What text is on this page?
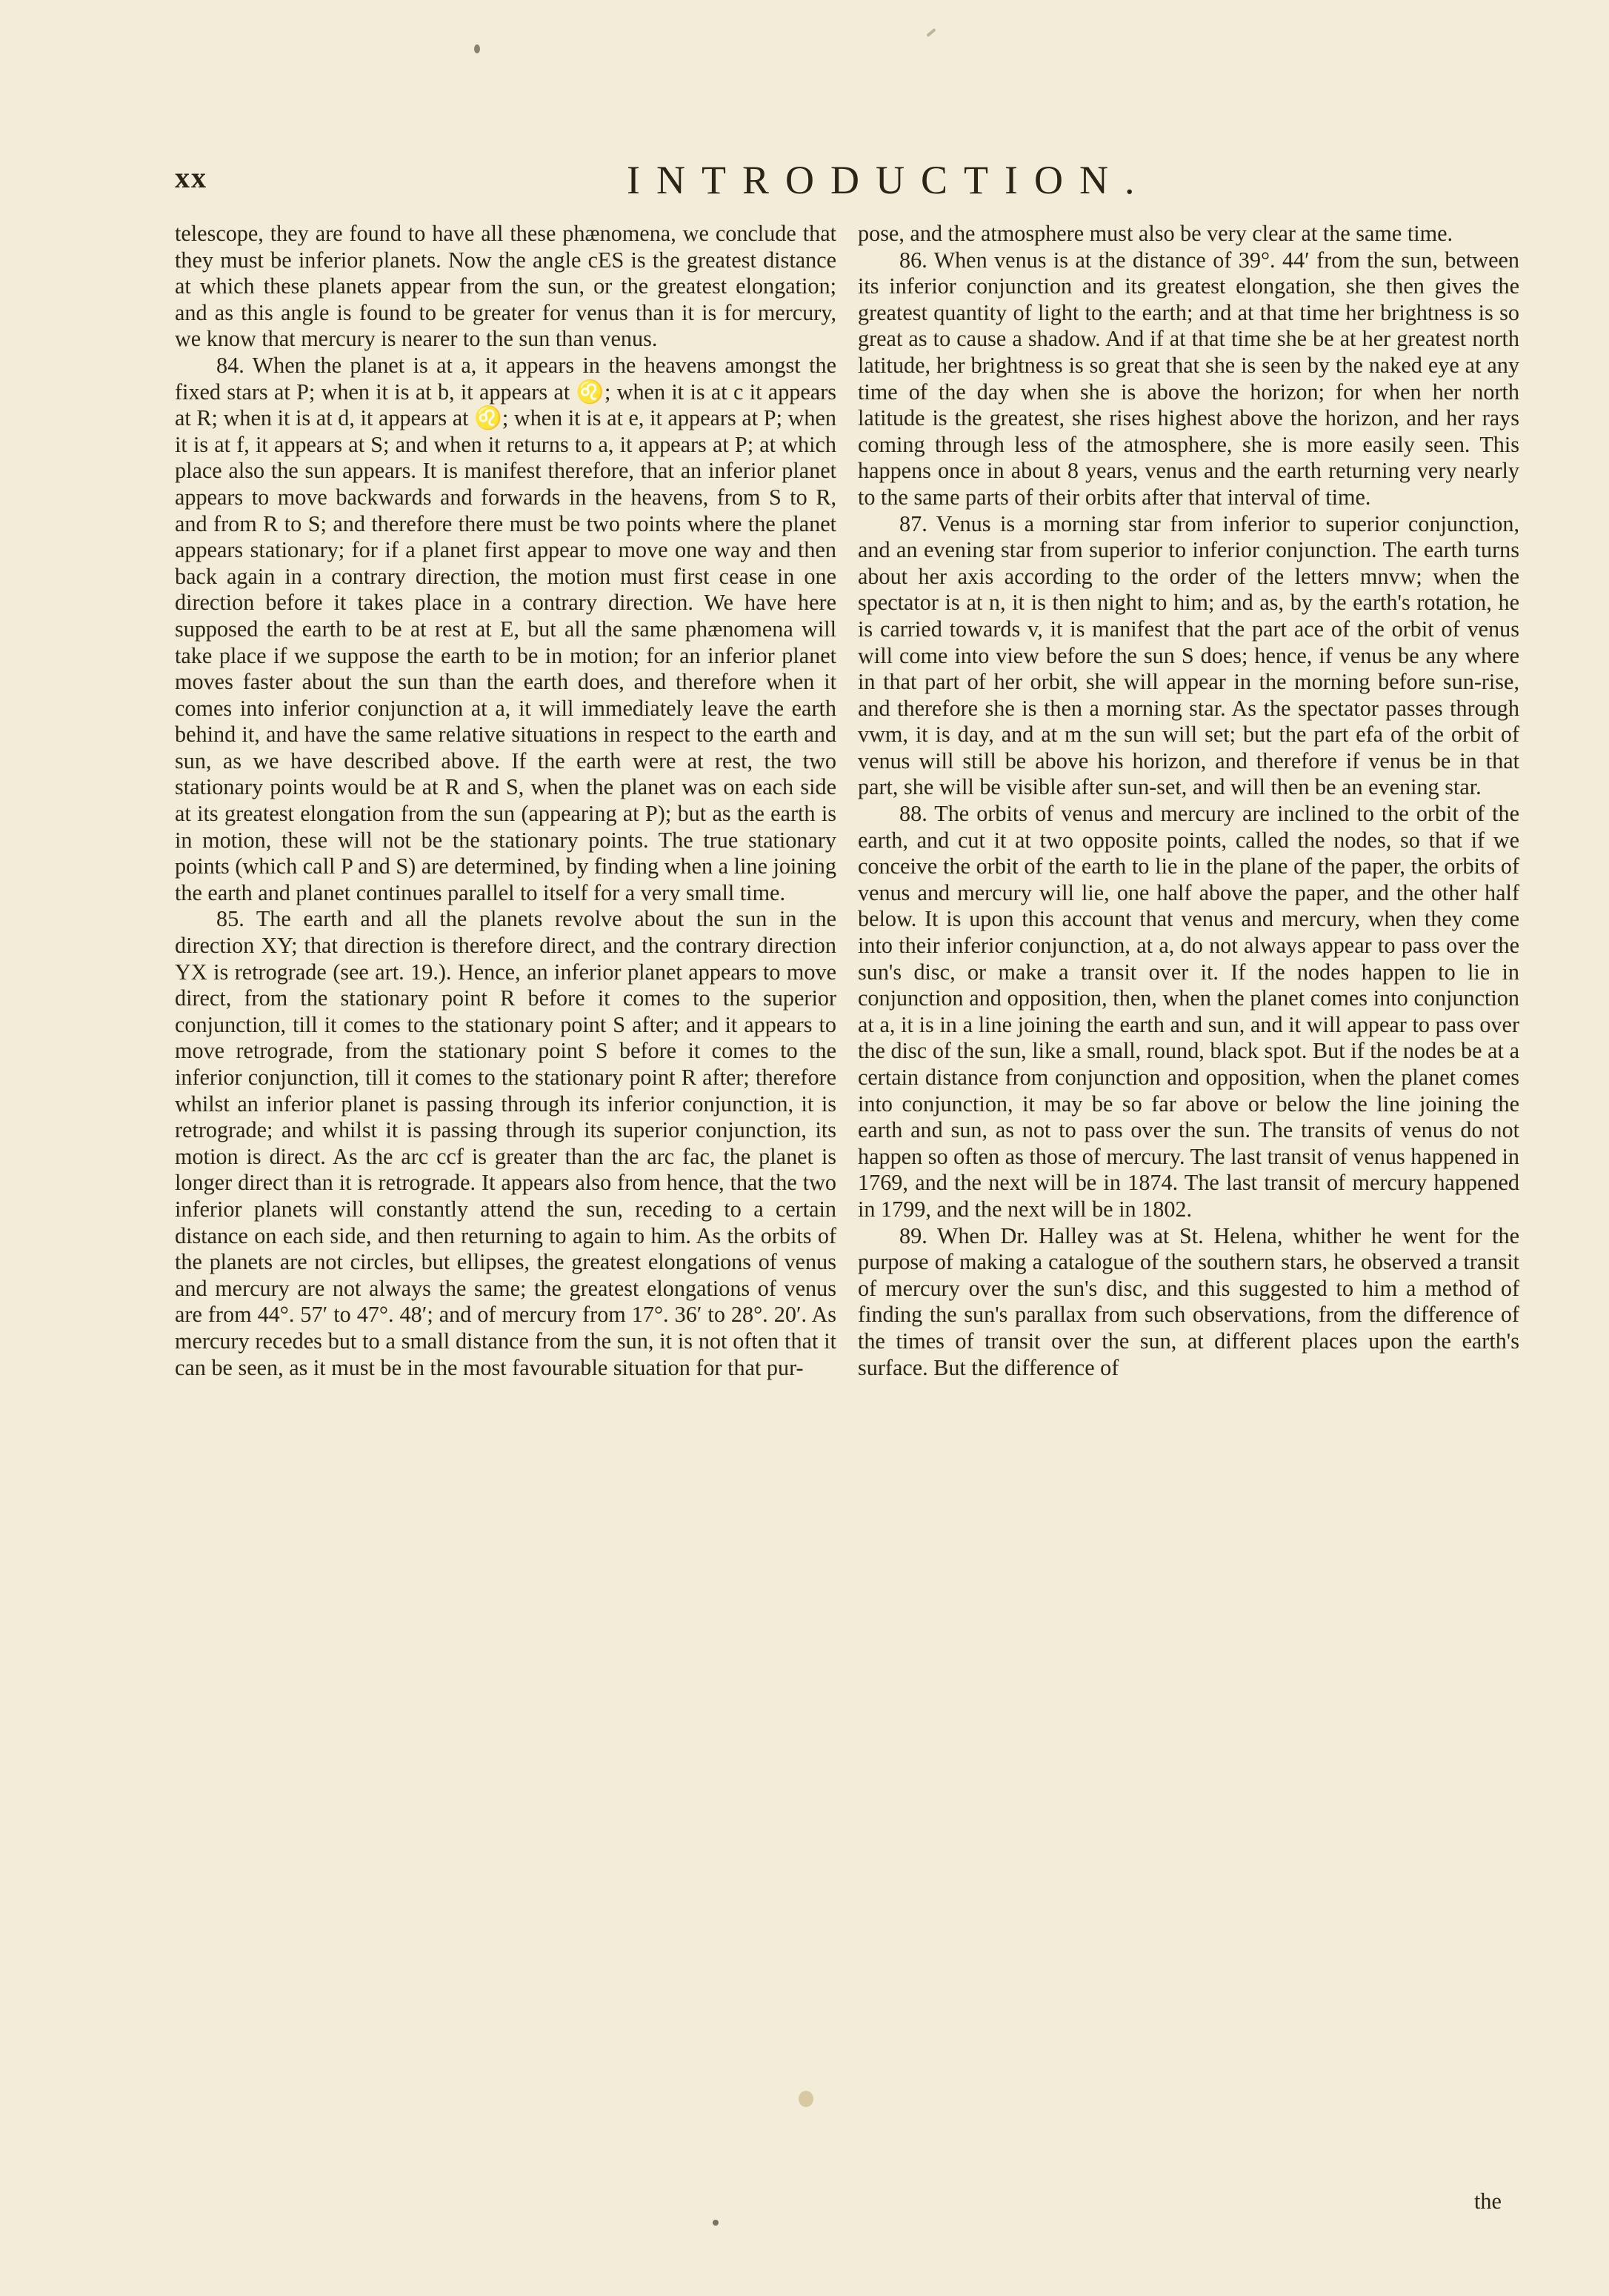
xx	INTRODUCTION.

telescope, they are found to have all these phænomena, we conclude that they must be inferior planets. Now the angle cES is the greatest distance at which these planets appear from the sun, or the greatest elongation; and as this angle is found to be greater for venus than it is for mercury, we know that mercury is nearer to the sun than venus.

84. When the planet is at a, it appears in the heavens amongst the fixed stars at P; when it is at b, it appears at ♌; when it is at c it appears at R; when it is at d, it appears at ♌; when it is at e, it appears at P; when it is at f, it appears at S; and when it returns to a, it appears at P; at which place also the sun appears. It is manifest therefore, that an inferior planet appears to move backwards and forwards in the heavens, from S to R, and from R to S; and therefore there must be two points where the planet appears stationary; for if a planet first appear to move one way and then back again in a contrary direction, the motion must first cease in one direction before it takes place in a contrary direction. We have here supposed the earth to be at rest at E, but all the same phænomena will take place if we suppose the earth to be in motion; for an inferior planet moves faster about the sun than the earth does, and therefore when it comes into inferior conjunction at a, it will immediately leave the earth behind it, and have the same relative situations in respect to the earth and sun, as we have described above. If the earth were at rest, the two stationary points would be at R and S, when the planet was on each side at its greatest elongation from the sun (appearing at P); but as the earth is in motion, these will not be the stationary points. The true stationary points (which call P and S) are determined, by finding when a line joining the earth and planet continues parallel to itself for a very small time.

85. The earth and all the planets revolve about the sun in the direction XY; that direction is therefore direct, and the contrary direction YX is retrograde (see art. 19.). Hence, an inferior planet appears to move direct, from the stationary point R before it comes to the superior conjunction, till it comes to the stationary point S after; and it appears to move retrograde, from the stationary point S before it comes to the inferior conjunction, till it comes to the stationary point R after; therefore whilst an inferior planet is passing through its inferior conjunction, it is retrograde; and whilst it is passing through its superior conjunction, its motion is direct. As the arc ccf is greater than the arc fac, the planet is longer direct than it is retrograde. It appears also from hence, that the two inferior planets will constantly attend the sun, receding to a certain distance on each side, and then returning to again to him. As the orbits of the planets are not circles, but ellipses, the greatest elongations of venus and mercury are not always the same; the greatest elongations of venus are from 44°. 57′ to 47°. 48′; and of mercury from 17°. 36′ to 28°. 20′. As mercury recedes but to a small distance from the sun, it is not often that it can be seen, as it must be in the most favourable situation for that pur-

pose, and the atmosphere must also be very clear at the same time.

86. When venus is at the distance of 39°. 44′ from the sun, between its inferior conjunction and its greatest elongation, she then gives the greatest quantity of light to the earth; and at that time her brightness is so great as to cause a shadow. And if at that time she be at her greatest north latitude, her brightness is so great that she is seen by the naked eye at any time of the day when she is above the horizon; for when her north latitude is the greatest, she rises highest above the horizon, and her rays coming through less of the atmosphere, she is more easily seen. This happens once in about 8 years, venus and the earth returning very nearly to the same parts of their orbits after that interval of time.

87. Venus is a morning star from inferior to superior conjunction, and an evening star from superior to inferior conjunction. The earth turns about her axis according to the order of the letters mnvw; when the spectator is at n, it is then night to him; and as, by the earth's rotation, he is carried towards v, it is manifest that the part ace of the orbit of venus will come into view before the sun S does; hence, if venus be any where in that part of her orbit, she will appear in the morning before sun-rise, and therefore she is then a morning star. As the spectator passes through vwm, it is day, and at m the sun will set; but the part efa of the orbit of venus will still be above his horizon, and therefore if venus be in that part, she will be visible after sun-set, and will then be an evening star.

88. The orbits of venus and mercury are inclined to the orbit of the earth, and cut it at two opposite points, called the nodes, so that if we conceive the orbit of the earth to lie in the plane of the paper, the orbits of venus and mercury will lie, one half above the paper, and the other half below. It is upon this account that venus and mercury, when they come into their inferior conjunction, at a, do not always appear to pass over the sun's disc, or make a transit over it. If the nodes happen to lie in conjunction and opposition, then, when the planet comes into conjunction at a, it is in a line joining the earth and sun, and it will appear to pass over the disc of the sun, like a small, round, black spot. But if the nodes be at a certain distance from conjunction and opposition, when the planet comes into conjunction, it may be so far above or below the line joining the earth and sun, as not to pass over the sun. The transits of venus do not happen so often as those of mercury. The last transit of venus happened in 1769, and the next will be in 1874. The last transit of mercury happened in 1799, and the next will be in 1802.

89. When Dr. Halley was at St. Helena, whither he went for the purpose of making a catalogue of the southern stars, he observed a transit of mercury over the sun's disc, and this suggested to him a method of finding the sun's parallax from such observations, from the difference of the times of transit over the sun, at different places upon the earth's surface. But the difference of

the
